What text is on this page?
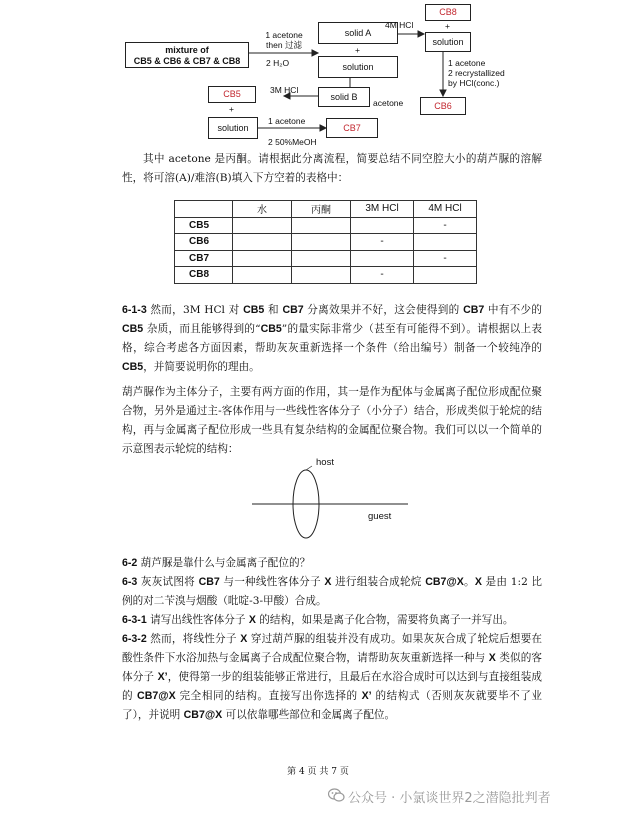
mixture of
CB5 & CB6 & CB7 & CB8
1 acetone
then 过滤
2 H₂O
solid A
+
solution
4M HCl
CB8
+
solution
1 acetone
2 recrystallized
by HCl(conc.)
CB6
CB5
+
3M HCl
solid B
acetone
solution
1 acetone
2 50%MeOH
CB7
其中 acetone 是丙酮。请根据此分离流程，简要总结不同空腔大小的葫芦脲的溶解性，将可溶(A)/难溶(B)填入下方空着的表格中：
	水	丙酮	3M HCl	4M HCl
CB5				-
CB6			-	
CB7				-
CB8			-	
6-1-3 然而，3M HCl 对 CB5 和 CB7 分离效果并不好，这会使得到的 CB7 中有不少的 CB5 杂质，而且能够得到的“CB5”的量实际非常少（甚至有可能得不到）。请根据以上表格，综合考虑各方面因素，帮助灰灰重新选择一个条件（给出编号）制备一个较纯净的 CB5，并简要说明你的理由。
葫芦脲作为主体分子，主要有两方面的作用，其一是作为配体与金属离子配位形成配位聚合物，另外是通过主-客体作用与一些线性客体分子（小分子）结合，形成类似于轮烷的结构，再与金属离子配位形成一些具有复杂结构的金属配位聚合物。我们可以以一个简单的示意图表示轮烷的结构：
host
guest
6-2 葫芦脲是靠什么与金属离子配位的？
6-3 灰灰试图将 CB7 与一种线性客体分子 X 进行组装合成轮烷 CB7@X。X 是由 1:2 比例的对二苄溴与烟酸（吡啶-3-甲酸）合成。
6-3-1 请写出线性客体分子 X 的结构，如果是离子化合物，需要将负离子一并写出。
6-3-2 然而，将线性分子 X 穿过葫芦脲的组装并没有成功。如果灰灰合成了轮烷后想要在酸性条件下水浴加热与金属离子合成配位聚合物，请帮助灰灰重新选择一种与 X 类似的客体分子 X’，使得第一步的组装能够正常进行，且最后在水浴合成时可以达到与直接组装成的 CB7@X 完全相同的结构。直接写出你选择的 X’ 的结构式（否则灰灰就要毕不了业了），并说明 CB7@X 可以依靠哪些部位和金属离子配位。
第 4 页 共 7 页
公众号 · 小氯谈世界2之潜隐批判者
